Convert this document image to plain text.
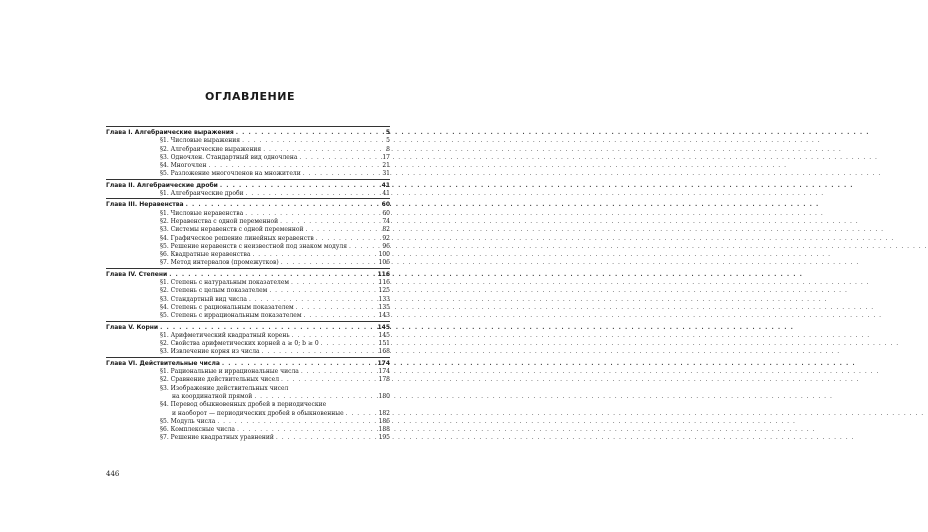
ОГЛАВЛЕНИЕ
Глава I. Алгебраические выражения . . .	5
§1. Числовые выражения . . .	5
§2. Алгебраические выражения . . .	8
§3. Одночлен. Стандартный вид одночлена . . .	17
§4. Многочлен . . .	21
§5. Разложение многочленов на множители . . .	31
Глава II. Алгебраические дроби . . .	41
§1. Алгебраические дроби . . .	41
Глава III. Неравенства . . .	60
§1. Числовые неравенства . . .	60
§2. Неравенства с одной переменной . . .	74
§3. Системы неравенств с одной переменной . . .	82
§4. Графическое решение линейных неравенств . . .	92
§5. Решение неравенств с неизвестной под знаком модуля . . .	96
§6. Квадратные неравенства . . .	100
§7. Метод интервалов (промежутков) . . .	106
Глава IV. Степени . . .	116
§1. Степень с натуральным показателем . . .	116
§2. Степень с целым показателем . . .	125
§3. Стандартный вид числа . . .	133
§4. Степень с рациональным показателем . . .	135
§5. Степень с иррациональным показателем . . .	143
Глава V. Корни . . .	145
§1. Арифметический квадратный корень . . .	145
§2. Свойства арифметических корней a ≥ 0; b ≥ 0 . . .	151
§3. Извлечение корня из числа . . .	168
Глава VI. Действительные числа . . .	174
§1. Рациональные и иррациональные числа . . .	174
§2. Сравнение действительных чисел . . .	178
§3. Изображение действительных чисел
на координатной прямой . . .	180
§4. Перевод обыкновенных дробей в периодические
и наоборот — периодических дробей в обыкновенные . . .	182
§5. Модуль числа . . .	186
§6. Комплексные числа . . .	188
§7. Решение квадратных уравнений . . .	195
446
